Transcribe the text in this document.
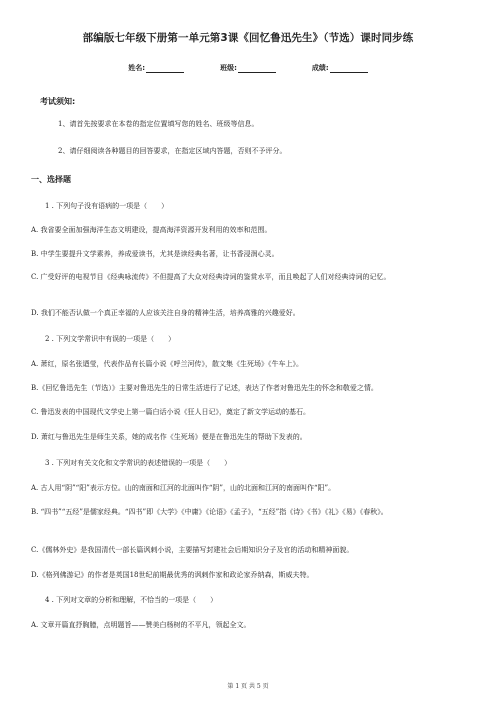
部编版七年级下册第一单元第3课《回忆鲁迅先生》（节选）课时同步练
姓名:	班级:	成绩:
考试须知:
1、请首先按要求在本卷的指定位置填写您的姓名、班级等信息。
2、请仔细阅读各种题目的回答要求，在指定区域内答题，否则不予评分。
一、选择题
1 . 下列句子没有语病的一项是（　　）
A. 我省要全面加强海洋生态文明建设，提高海洋资源开发利用的效率和范围。
B. 中学生要提升文学素养，养成爱读书，尤其是读经典名著，让书香浸润心灵。
C. 广受好评的电视节目《经典咏流传》不但提高了大众对经典诗词的鉴赏水平，而且唤起了人们对经典诗词的记忆。
D. 我们不能否认做一个真正幸福的人应该关注自身的精神生活，培养高雅的兴趣爱好。
2 . 下列文学常识中有误的一项是（　　）
A. 萧红，原名张迺莹，代表作品有长篇小说《呼兰河传》，散文集《生死场》《牛车上》。
B.《回忆鲁迅先生（节选）》主要对鲁迅先生的日常生活进行了记述，表达了作者对鲁迅先生的怀念和敬爱之情。
C. 鲁迅发表的中国现代文学史上第一篇白话小说《狂人日记》，奠定了新文学运动的基石。
D. 萧红与鲁迅先生是师生关系，她的成名作《生死场》便是在鲁迅先生的帮助下发表的。
3 . 下列对有关文化和文学常识的表述错误的一项是（　　）
A. 古人用“阴”“阳”表示方位。山的南面和江河的北面叫作“阴”，山的北面和江河的南面叫作“阳”。
B. “四书”“五经”是儒家经典。“四书”即《大学》《中庸》《论语》《孟子》，“五经”指《诗》《书》《礼》《易》《春秋》。
C.《儒林外史》是我国清代一部长篇讽刺小说，主要描写封建社会后期知识分子及官的活动和精神面貌。
D.《格列佛游记》的作者是英国18世纪前期最优秀的讽刺作家和政论家乔纳森，斯威夫特。
4 . 下列对文章的分析和理解，不恰当的一项是（　　）
A. 文章开篇直抒胸臆，点明题旨——赞美白杨树的不平凡，领起全文。
第 1 页 共 5 页
